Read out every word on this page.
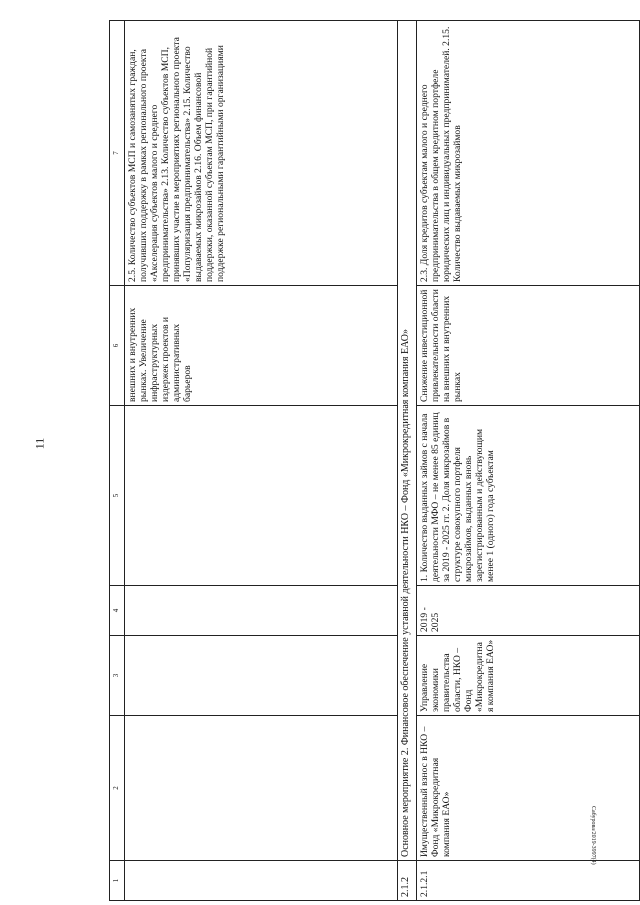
11
1	2	3	4	5	6	7
					внешних и внутренних рынках. Увеличение инфраструктурных издержек проектов и административных барьеров	2.5. Количество субъектов МСП и самозанятых граждан, получивших поддержку в рамках регионального проекта «Акселерация субъектов малого и среднего предпринимательства» 2.13. Количество субъектов МСП, принявших участие в мероприятиях регионального проекта «Популяризация предпринимательства» 2.15. Количество выдаваемых микрозаймов 2.16. Объем финансовой поддержки, оказанной субъектам МСП, при гарантийной поддержке региональными гарантийными организациями
2.1.2	Основное мероприятие 2. Финансовое обеспечение уставной деятельности НКО – Фонд «Микрокредитная компания ЕАО»					
2.1.2.1	Имущественный взнос в НКО – Фонд «Микрокредитная компания ЕАО»	Управление экономики правительства области, НКО – Фонд «Микрокредитная компания ЕАО»	2019 - 2025	1. Количество выданных займов с начала деятельности МФО – не менее 85 единиц за 2019 - 2025 гг. 2. Доля микрозаймов в структуре совокупного портфеля микрозаймов, выданных вновь зарегистрированным и действующим менее 1 (одного) года субъектам	Снижение инвестиционной привлекательности области на внешних и внутренних рынках	2.3. Доля кредитов субъектам малого и среднего предпринимательства в общем кредитном портфеле юридических лиц и индивидуальных предпринимателей. 2.15. Количество выдаваемых микрозаймов
Сабурова/2019-3997(4)
